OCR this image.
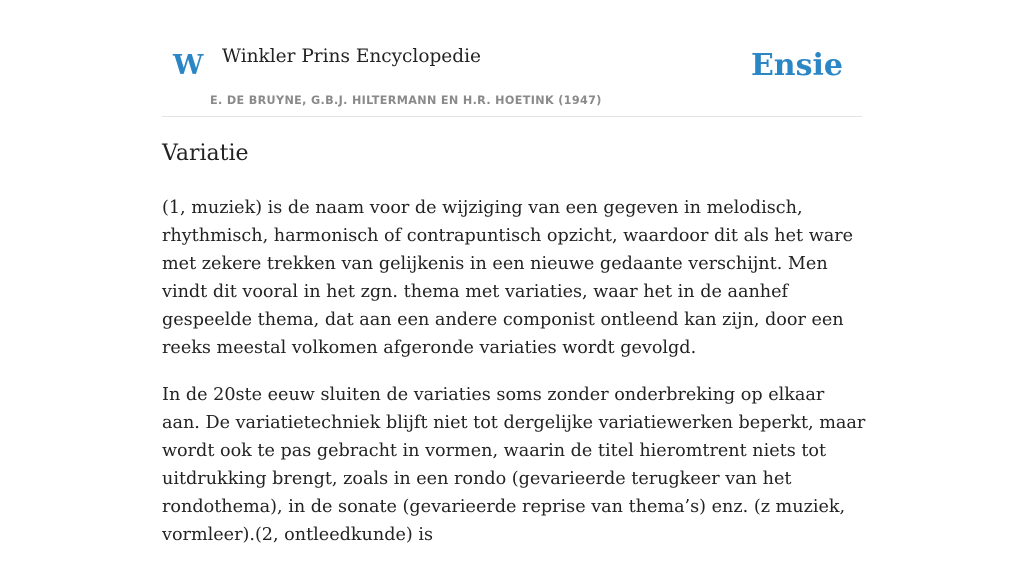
W Winkler Prins Encyclopedie
E. DE BRUYNE, G.B.J. HILTERMANN EN H.R. HOETINK (1947)
Ensie
Variatie

(1, muziek) is de naam voor de wijziging van een gegeven in melodisch, rhythmisch, harmonisch of contrapuntisch opzicht, waardoor dit als het ware met zekere trekken van gelijkenis in een nieuwe gedaante verschijnt. Men vindt dit vooral in het zgn. thema met variaties, waar het in de aanhef gespeelde thema, dat aan een andere componist ontleend kan zijn, door een reeks meestal volkomen afgeronde variaties wordt gevolgd.

In de 20ste eeuw sluiten de variaties soms zonder onderbreking op elkaar aan. De variatietechniek blijft niet tot dergelijke variatiewerken beperkt, maar wordt ook te pas gebracht in vormen, waarin de titel hieromtrent niets tot uitdrukking brengt, zoals in een rondo (gevarieerde terugkeer van het rondothema), in de sonate (gevarieerde reprise van thema’s) enz. (z muziek, vormleer).(2, ontleedkunde) is
